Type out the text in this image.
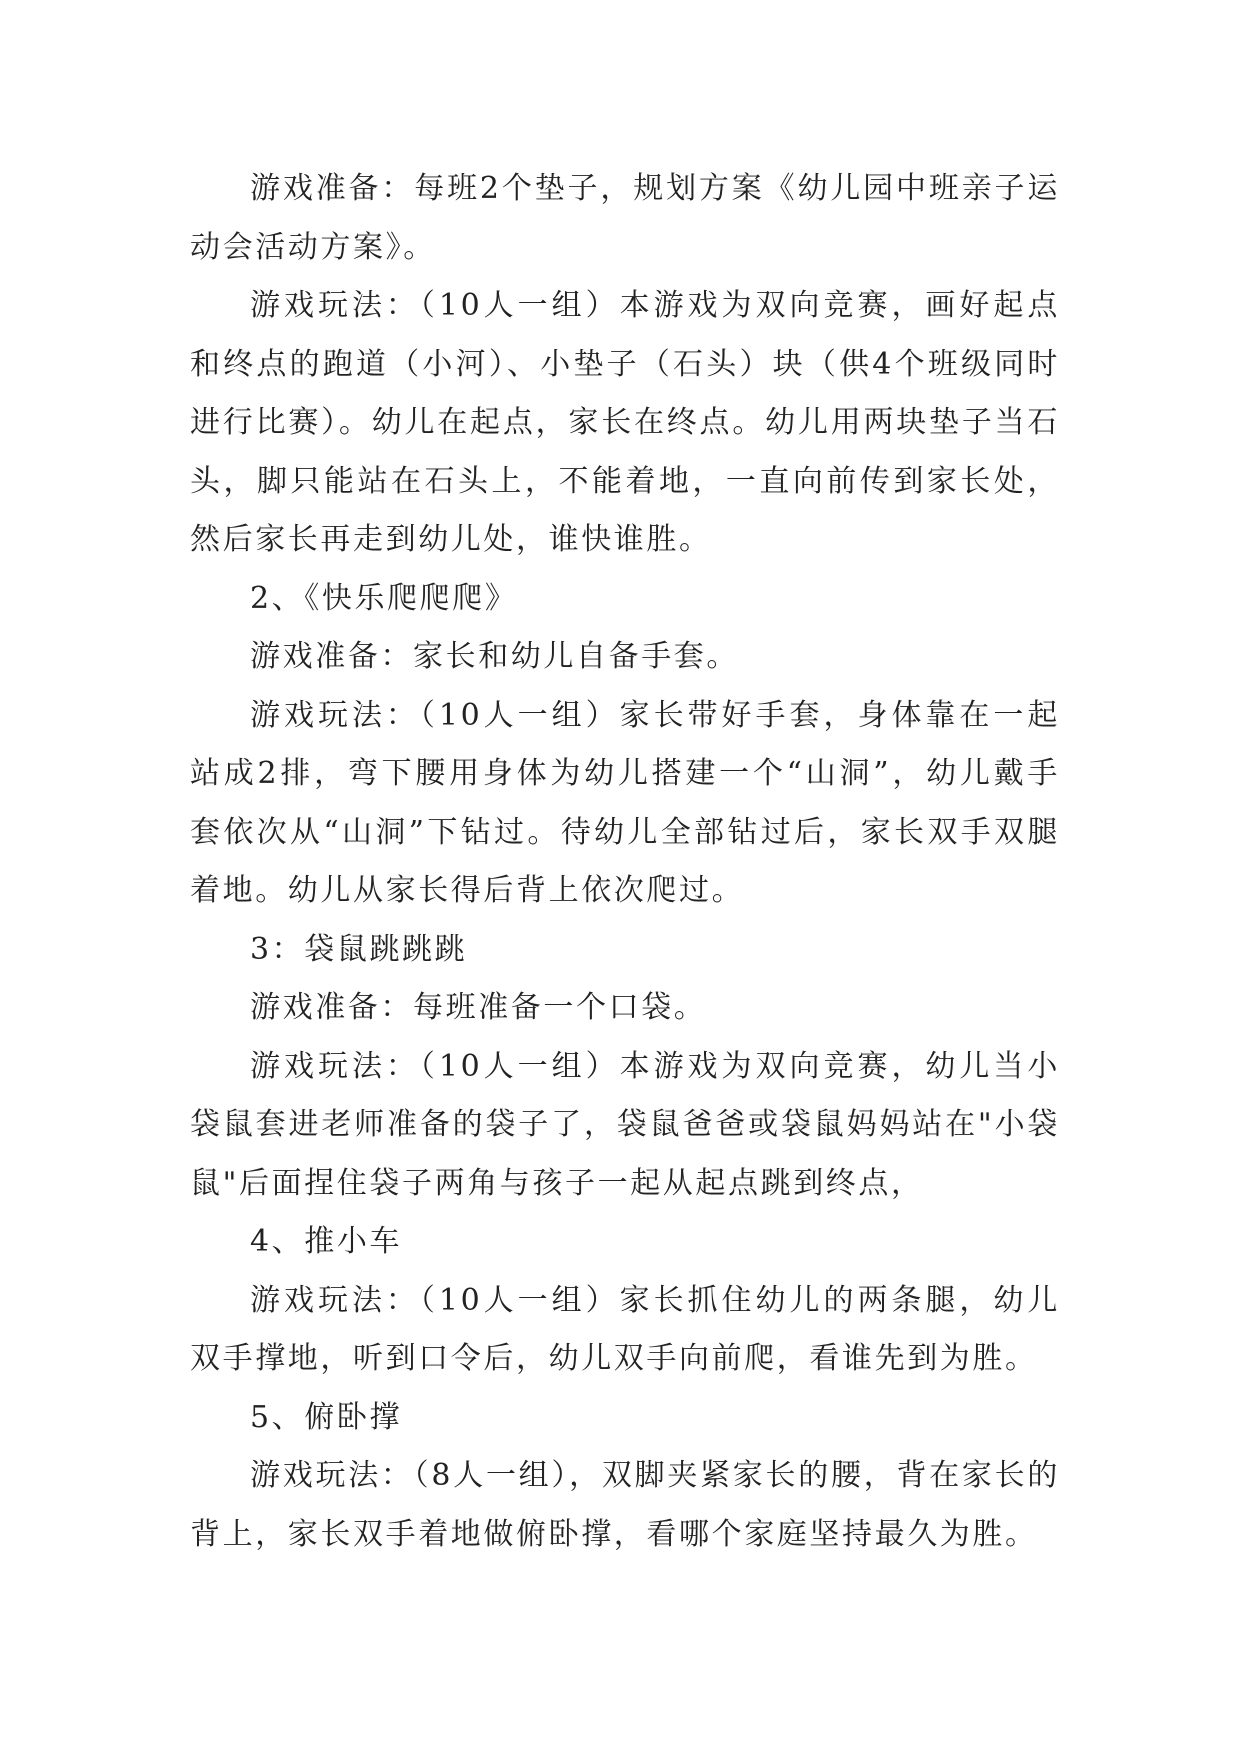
游戏准备：每班2个垫子，规划方案《幼儿园中班亲子运动会活动方案》。

游戏玩法：（10人一组）本游戏为双向竞赛，画好起点和终点的跑道（小河）、小垫子（石头）块（供4个班级同时进行比赛）。幼儿在起点，家长在终点。幼儿用两块垫子当石头，脚只能站在石头上，不能着地，一直向前传到家长处，然后家长再走到幼儿处，谁快谁胜。

2、《快乐爬爬爬》

游戏准备：家长和幼儿自备手套。

游戏玩法：（10人一组）家长带好手套，身体靠在一起站成2排，弯下腰用身体为幼儿搭建一个“山洞”，幼儿戴手套依次从“山洞”下钻过。待幼儿全部钻过后，家长双手双腿着地。幼儿从家长得后背上依次爬过。

3：袋鼠跳跳跳

游戏准备：每班准备一个口袋。

游戏玩法：（10人一组）本游戏为双向竞赛，幼儿当小袋鼠套进老师准备的袋子了，袋鼠爸爸或袋鼠妈妈站在"小袋鼠"后面捏住袋子两角与孩子一起从起点跳到终点，

4、推小车

游戏玩法：（10人一组）家长抓住幼儿的两条腿，幼儿双手撑地，听到口令后，幼儿双手向前爬，看谁先到为胜。

5、俯卧撑

游戏玩法：（8人一组），双脚夹紧家长的腰，背在家长的背上，家长双手着地做俯卧撑，看哪个家庭坚持最久为胜。
